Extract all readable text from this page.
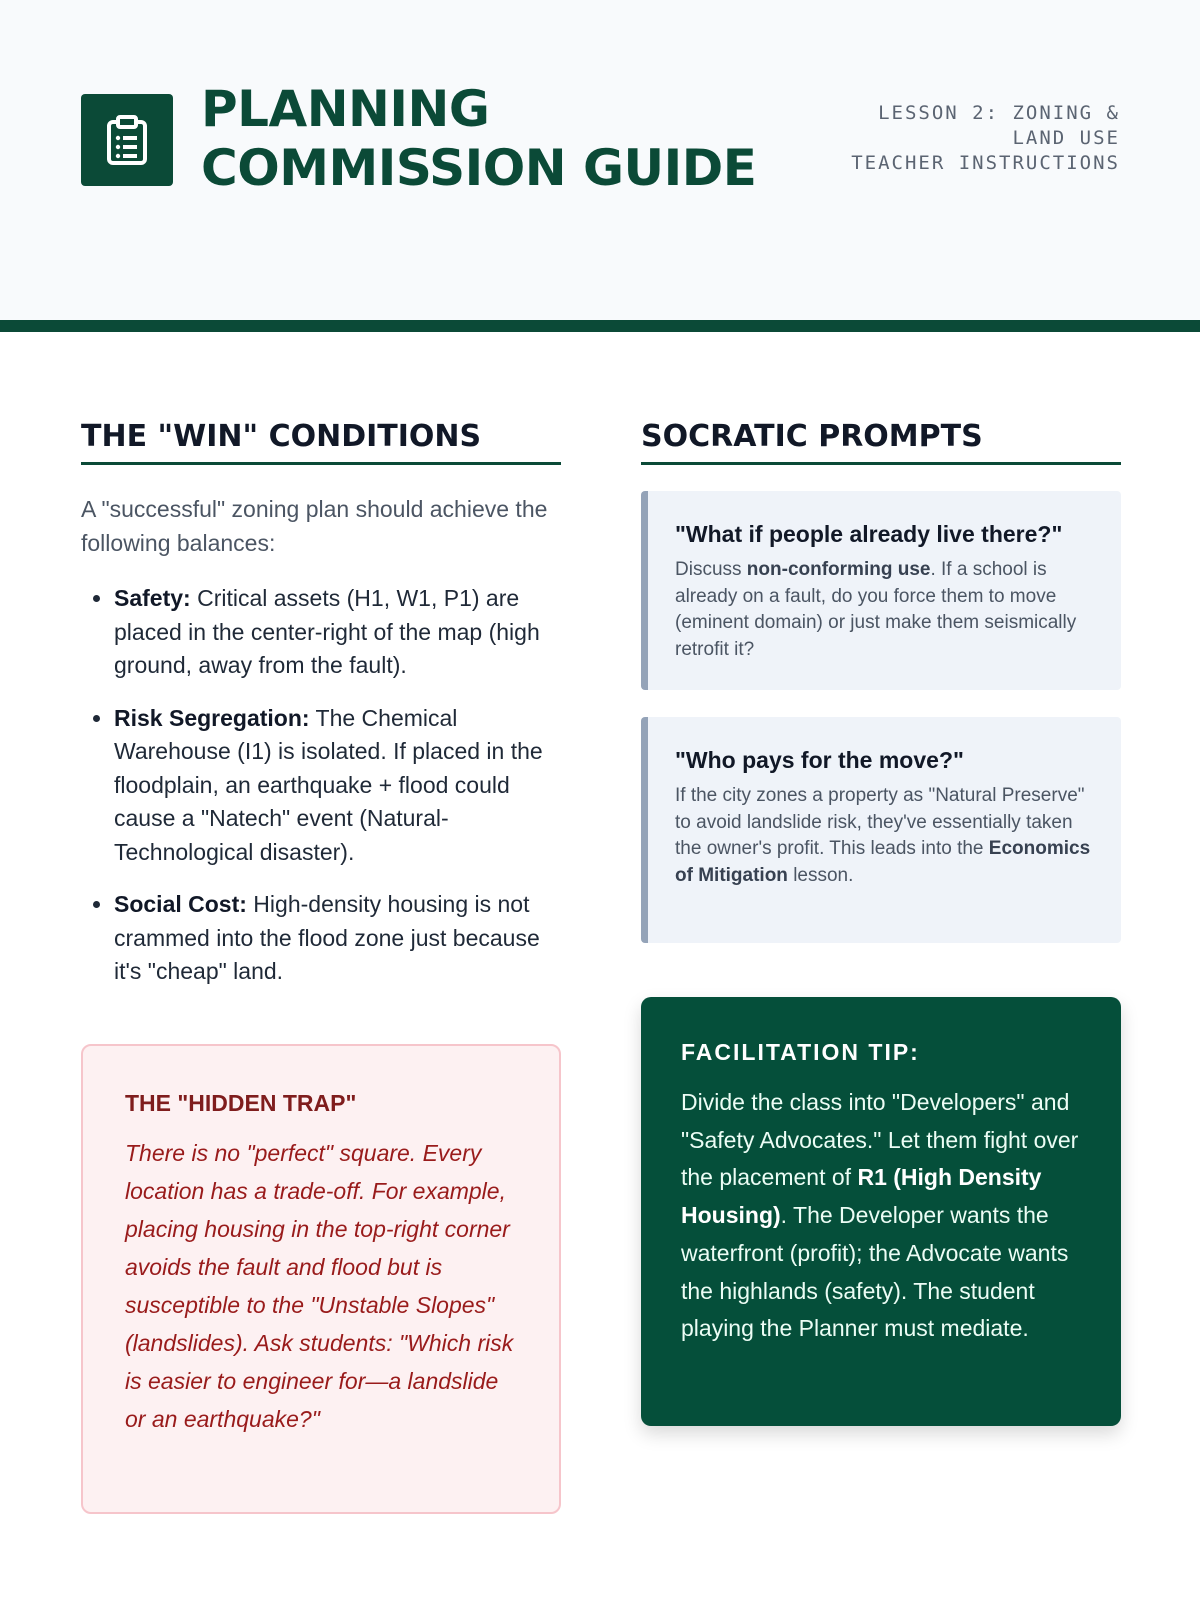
PLANNING
COMMISSION GUIDE
LESSON 2: ZONING &
LAND USE
TEACHER INSTRUCTIONS
THE "WIN" CONDITIONS

A "successful" zoning plan should achieve the following balances:

• Safety: Critical assets (H1, W1, P1) are placed in the center-right of the map (high ground, away from the fault).
• Risk Segregation: The Chemical Warehouse (I1) is isolated. If placed in the floodplain, an earthquake + flood could cause a "Natech" event (Natural-Technological disaster).
• Social Cost: High-density housing is not crammed into the flood zone just because it's "cheap" land.

THE "HIDDEN TRAP"

There is no "perfect" square. Every location has a trade-off. For example, placing housing in the top-right corner avoids the fault and flood but is susceptible to the "Unstable Slopes" (landslides). Ask students: "Which risk is easier to engineer for—a landslide or an earthquake?"

SOCRATIC PROMPTS

"What if people already live there?"

Discuss non-conforming use. If a school is already on a fault, do you force them to move (eminent domain) or just make them seismically retrofit it?

"Who pays for the move?"

If the city zones a property as "Natural Preserve" to avoid landslide risk, they've essentially taken the owner's profit. This leads into the Economics of Mitigation lesson.

FACILITATION TIP:

Divide the class into "Developers" and "Safety Advocates." Let them fight over the placement of R1 (High Density Housing). The Developer wants the waterfront (profit); the Advocate wants the highlands (safety). The student playing the Planner must mediate.
